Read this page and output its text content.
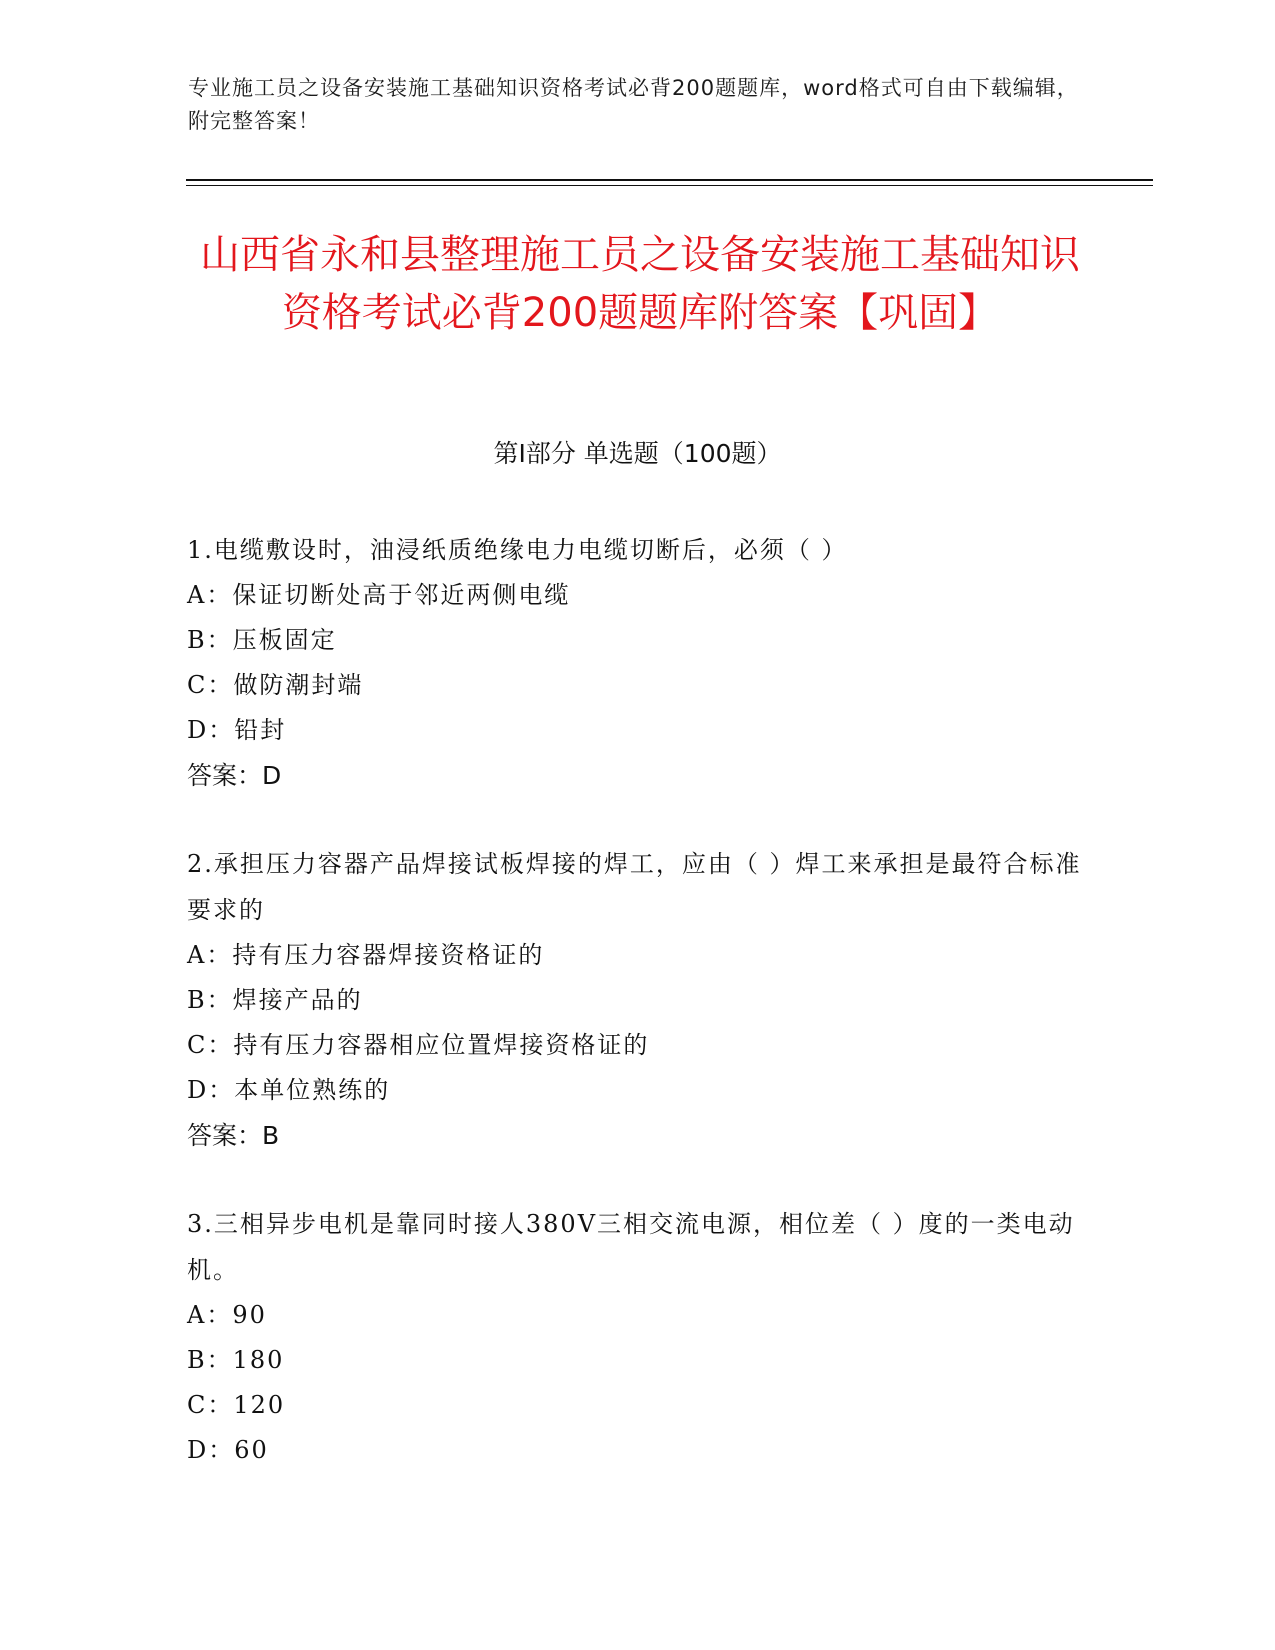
专业施工员之设备安装施工基础知识资格考试必背200题题库，word格式可自由下载编辑，附完整答案！
山西省永和县整理施工员之设备安装施工基础知识资格考试必背200题题库附答案【巩固】
第I部分 单选题（100题）

1.电缆敷设时，油浸纸质绝缘电力电缆切断后，必须（ ）

A：保证切断处高于邻近两侧电缆

B：压板固定

C：做防潮封端

D：铅封

答案：D

2.承担压力容器产品焊接试板焊接的焊工，应由（ ）焊工来承担是最符合标准要求的

A：持有压力容器焊接资格证的

B：焊接产品的

C：持有压力容器相应位置焊接资格证的

D：本单位熟练的

答案：B

3.三相异步电机是靠同时接人380V三相交流电源，相位差（ ）度的一类电动机。

A：90

B：180

C：120

D：60
